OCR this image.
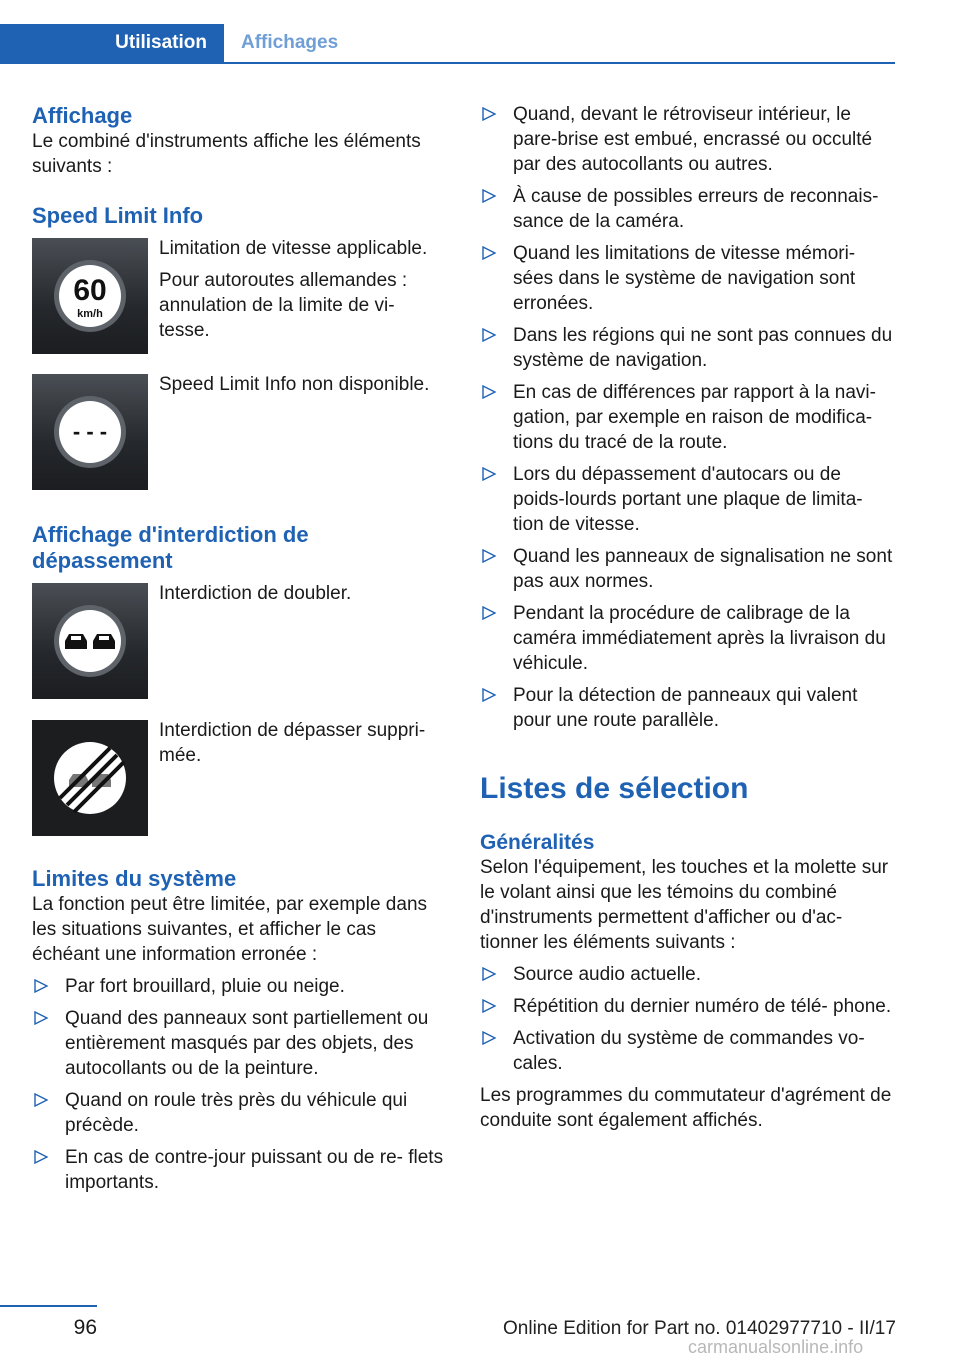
Utilisation	Affichages
Affichage

Le combiné d'instruments affiche les éléments suivants :

Speed Limit Info
60
km/h

Limitation de vitesse applicable.

Pour autoroutes allemandes : annulation de la limite de vi‐ tesse.

- - -

Speed Limit Info non disponible.

Affichage d'interdiction de dépassement

Interdiction de doubler.

Interdiction de dépasser suppri‐ mée.

Limites du système

La fonction peut être limitée, par exemple dans les situations suivantes, et afficher le cas échéant une information erronée :

Par fort brouillard, pluie ou neige.
Quand des panneaux sont partiellement ou entièrement masqués par des objets, des autocollants ou de la peinture.
Quand on roule très près du véhicule qui précède.
En cas de contre-jour puissant ou de re‐ flets importants.
Quand, devant le rétroviseur intérieur, le pare-brise est embué, encrassé ou occulté par des autocollants ou autres.
À cause de possibles erreurs de reconnais‐ sance de la caméra.
Quand les limitations de vitesse mémori‐ sées dans le système de navigation sont erronées.
Dans les régions qui ne sont pas connues du système de navigation.
En cas de différences par rapport à la navi‐ gation, par exemple en raison de modifica‐ tions du tracé de la route.
Lors du dépassement d'autocars ou de poids-lourds portant une plaque de limita‐ tion de vitesse.
Quand les panneaux de signalisation ne sont pas aux normes.
Pendant la procédure de calibrage de la caméra immédiatement après la livraison du véhicule.
Pour la détection de panneaux qui valent pour une route parallèle.
Listes de sélection
Généralités

Selon l'équipement, les touches et la molette sur le volant ainsi que les témoins du combiné d'instruments permettent d'afficher ou d'ac‐ tionner les éléments suivants :

Source audio actuelle.
Répétition du dernier numéro de télé‐ phone.
Activation du système de commandes vo‐ cales.

Les programmes du commutateur d'agrément de conduite sont également affichés.

96	Online Edition for Part no. 01402977710 - II/17
carmanualsonline.info
